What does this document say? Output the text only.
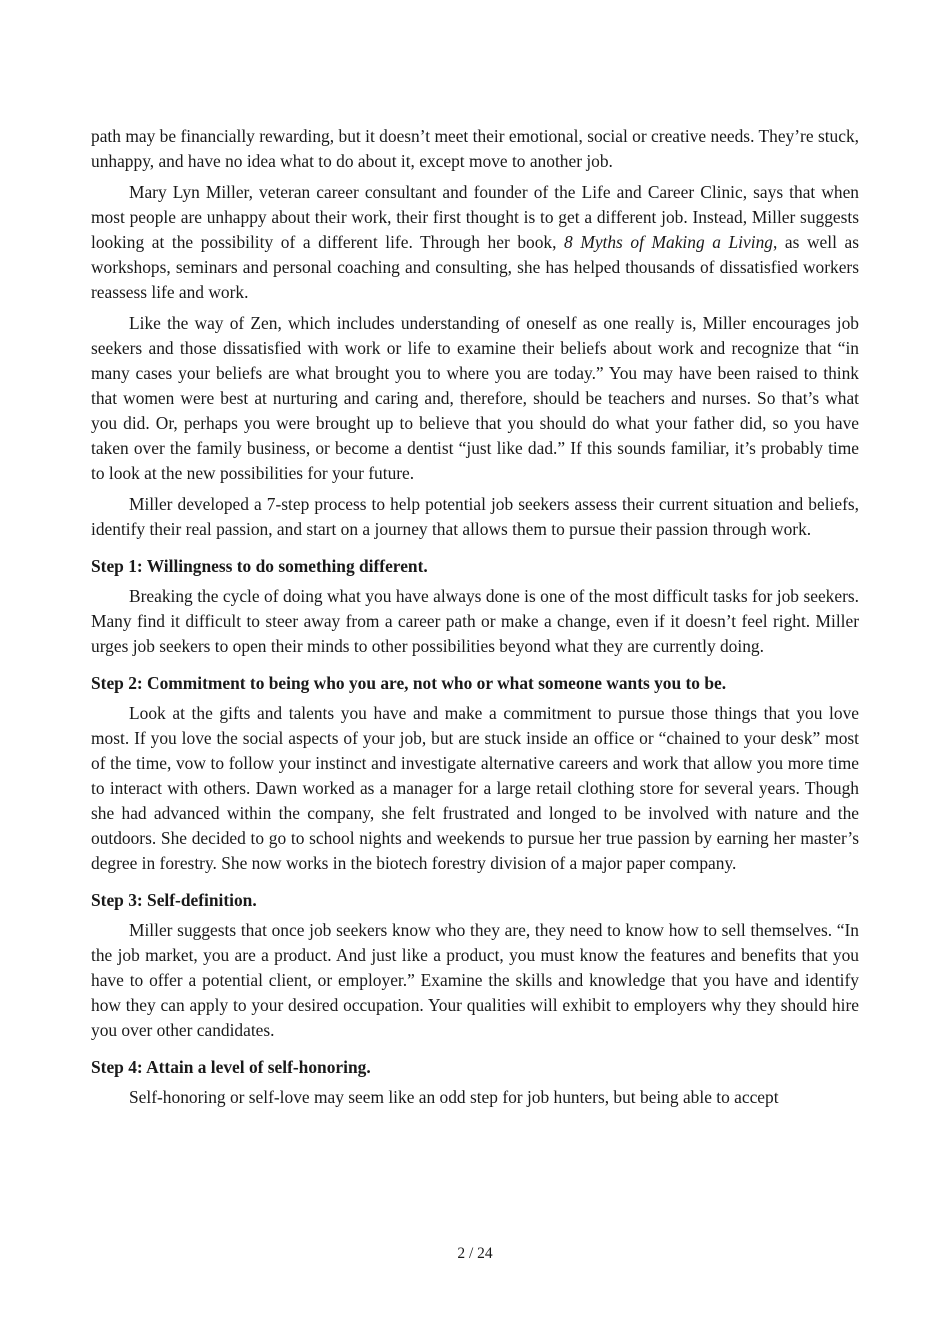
path may be financially rewarding, but it doesn’t meet their emotional, social or creative needs. They’re stuck, unhappy, and have no idea what to do about it, except move to another job.

Mary Lyn Miller, veteran career consultant and founder of the Life and Career Clinic, says that when most people are unhappy about their work, their first thought is to get a different job. Instead, Miller suggests looking at the possibility of a different life. Through her book, 8 Myths of Making a Living, as well as workshops, seminars and personal coaching and consulting, she has helped thousands of dissatisfied workers reassess life and work.

Like the way of Zen, which includes understanding of oneself as one really is, Miller encourages job seekers and those dissatisfied with work or life to examine their beliefs about work and recognize that “in many cases your beliefs are what brought you to where you are today.” You may have been raised to think that women were best at nurturing and caring and, therefore, should be teachers and nurses. So that’s what you did. Or, perhaps you were brought up to believe that you should do what your father did, so you have taken over the family business, or become a dentist “just like dad.” If this sounds familiar, it’s probably time to look at the new possibilities for your future.

Miller developed a 7-step process to help potential job seekers assess their current situation and beliefs, identify their real passion, and start on a journey that allows them to pursue their passion through work.

Step 1: Willingness to do something different.

Breaking the cycle of doing what you have always done is one of the most difficult tasks for job seekers. Many find it difficult to steer away from a career path or make a change, even if it doesn’t feel right. Miller urges job seekers to open their minds to other possibilities beyond what they are currently doing.

Step 2: Commitment to being who you are, not who or what someone wants you to be.

Look at the gifts and talents you have and make a commitment to pursue those things that you love most. If you love the social aspects of your job, but are stuck inside an office or “chained to your desk” most of the time, vow to follow your instinct and investigate alternative careers and work that allow you more time to interact with others. Dawn worked as a manager for a large retail clothing store for several years. Though she had advanced within the company, she felt frustrated and longed to be involved with nature and the outdoors. She decided to go to school nights and weekends to pursue her true passion by earning her master’s degree in forestry. She now works in the biotech forestry division of a major paper company.

Step 3: Self-definition.

Miller suggests that once job seekers know who they are, they need to know how to sell themselves. “In the job market, you are a product. And just like a product, you must know the features and benefits that you have to offer a potential client, or employer.” Examine the skills and knowledge that you have and identify how they can apply to your desired occupation. Your qualities will exhibit to employers why they should hire you over other candidates.

Step 4: Attain a level of self-honoring.

Self-honoring or self-love may seem like an odd step for job hunters, but being able to accept

2 / 24
